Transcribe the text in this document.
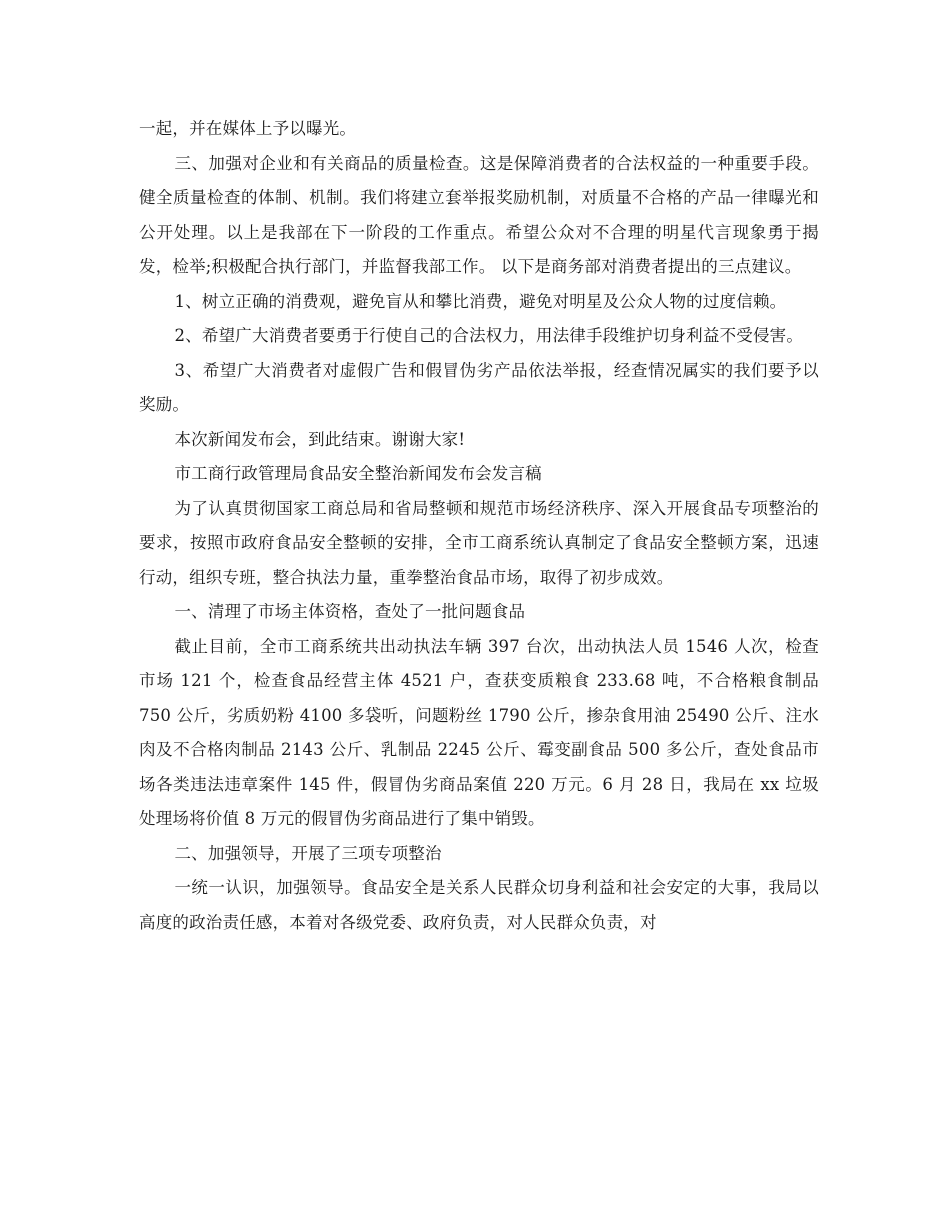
一起，并在媒体上予以曝光。

三、加强对企业和有关商品的质量检查。这是保障消费者的合法权益的一种重要手段。健全质量检查的体制、机制。我们将建立套举报奖励机制，对质量不合格的产品一律曝光和公开处理。以上是我部在下一阶段的工作重点。希望公众对不合理的明星代言现象勇于揭发，检举;积极配合执行部门，并监督我部工作。 以下是商务部对消费者提出的三点建议。

1、树立正确的消费观，避免盲从和攀比消费，避免对明星及公众人物的过度信赖。

2、希望广大消费者要勇于行使自己的合法权力，用法律手段维护切身利益不受侵害。

3、希望广大消费者对虚假广告和假冒伪劣产品依法举报，经查情况属实的我们要予以奖励。

本次新闻发布会，到此结束。谢谢大家!

市工商行政管理局食品安全整治新闻发布会发言稿

为了认真贯彻国家工商总局和省局整顿和规范市场经济秩序、深入开展食品专项整治的要求，按照市政府食品安全整顿的安排，全市工商系统认真制定了食品安全整顿方案，迅速行动，组织专班，整合执法力量，重拳整治食品市场，取得了初步成效。

一、清理了市场主体资格，查处了一批问题食品

截止目前，全市工商系统共出动执法车辆 397 台次，出动执法人员 1546 人次，检查市场 121 个，检查食品经营主体 4521 户，查获变质粮食 233.68 吨，不合格粮食制品 750 公斤，劣质奶粉 4100 多袋听，问题粉丝 1790 公斤，掺杂食用油 25490 公斤、注水肉及不合格肉制品 2143 公斤、乳制品 2245 公斤、霉变副食品 500 多公斤，查处食品市场各类违法违章案件 145 件，假冒伪劣商品案值 220 万元。6 月 28 日，我局在 xx 垃圾处理场将价值 8 万元的假冒伪劣商品进行了集中销毁。

二、加强领导，开展了三项专项整治

一统一认识，加强领导。食品安全是关系人民群众切身利益和社会安定的大事，我局以高度的政治责任感，本着对各级党委、政府负责，对人民群众负责，对
